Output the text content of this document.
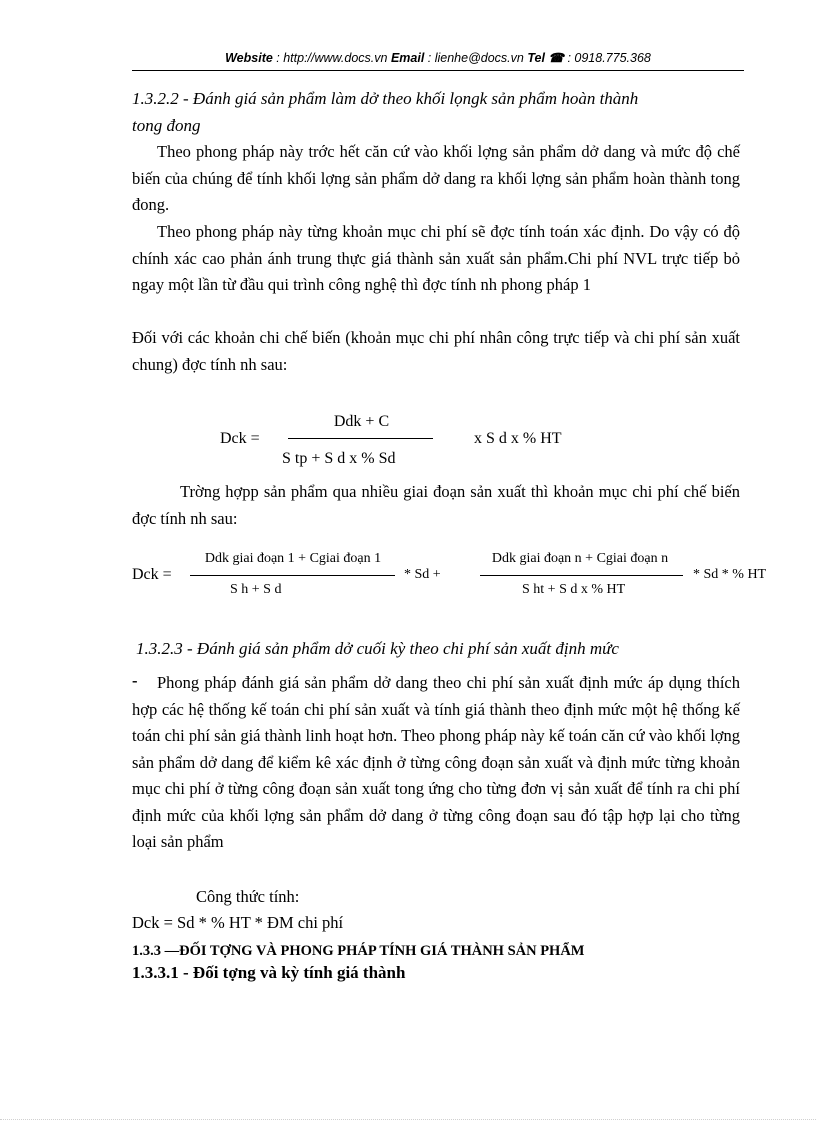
Website : http://www.docs.vn Email : lienhe@docs.vn Tel ☎ : 0918.775.368
1.3.2.2 - Đánh giá sản phẩm làm dở theo khối lọngk sản phẩm hoàn thành
tong đong
Theo phong pháp này trớc hết căn cứ vào khối lợng sản phẩm dở dang và mức độ chế biến của chúng để tính khối lợng sản phẩm dở dang ra khối lợng sản phẩm hoàn thành tong đong.
Theo phong pháp này từng khoản mục chi phí sẽ đợc tính toán xác định. Do vậy có độ chính xác cao phản ánh trung thực giá thành sản xuất sản phẩm.Chi phí NVL trực tiếp bỏ ngay một lần từ đầu qui trình công nghệ thì đợc tính nh phong pháp 1
Đối với các khoản chi chế biến (khoản mục chi phí nhân công trực tiếp và chi phí sản xuất chung) đợc tính nh sau:
Dck =
Ddk + C
S tp + S d x % Sd
x S d x % HT
Trờng hợpp sản phẩm qua nhiều giai đoạn sản xuất thì khoản mục chi phí chế biến đợc tính nh sau:
Dck =
Ddk giai đoạn 1 + Cgiai đoạn 1
S h + S d
* Sd +
Ddk giai đoạn n + Cgiai đoạn n
S ht + S d x % HT
* Sd * % HT
1.3.2.3 - Đánh giá sản phẩm dở cuối kỳ theo chi phí sản xuất định mức
-	Phong pháp đánh giá sản phẩm dở dang theo chi phí sản xuất định mức áp dụng thích hợp các hệ thống kế toán chi phí sản xuất và tính giá thành theo định mức một hệ thống kế toán chi phí sản giá thành linh hoạt hơn. Theo phong pháp này kế toán căn cứ vào khối lợng sản phẩm dở dang để kiểm kê xác định ở từng công đoạn sản xuất và định mức từng khoản mục chi phí ở từng công đoạn sản xuất tong ứng cho từng đơn vị sản xuất để tính ra chi phí định mức của khối lợng sản phẩm dở dang ở từng công đoạn sau đó tập hợp lại cho từng loại sản phẩm
Công thức tính:
Dck = Sd * % HT * ĐM chi phí
1.3.3 —ĐỐI TỢNG VÀ PHONG PHÁP TÍNH GIÁ THÀNH SẢN PHẨM
1.3.3.1 - Đối tợng và kỳ tính giá thành
